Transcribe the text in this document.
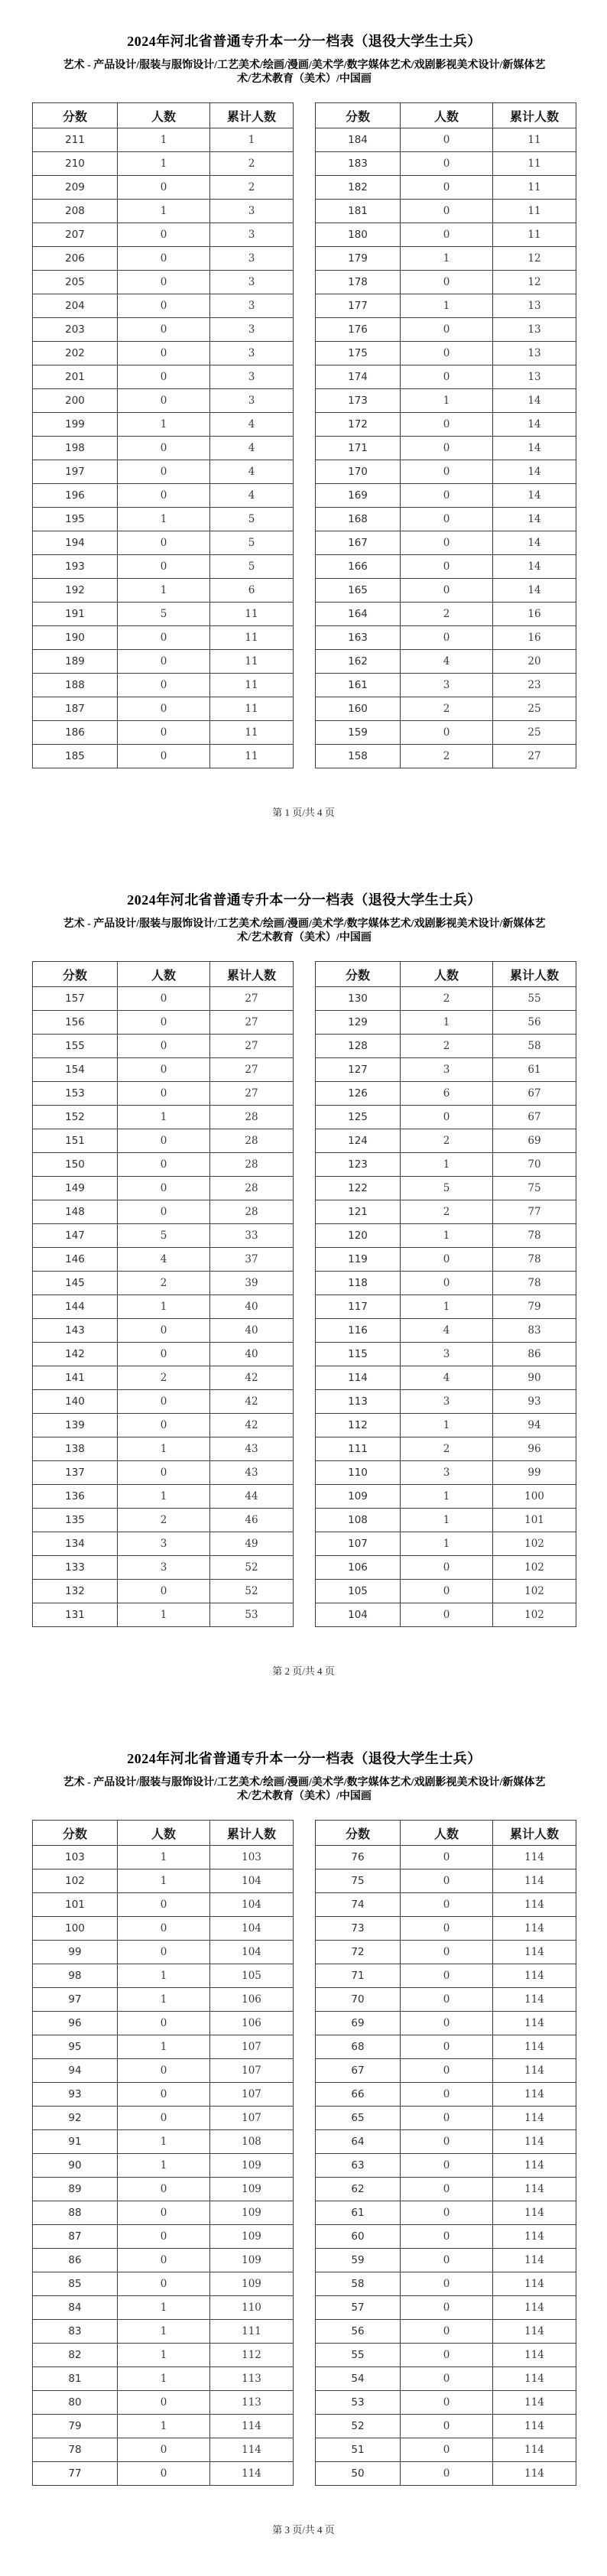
2024年河北省普通专升本一分一档表（退役大学生士兵）
艺术 - 产品设计/服装与服饰设计/工艺美术/绘画/漫画/美术学/数字媒体艺术/戏剧影视美术设计/新媒体艺术/艺术教育（美术）/中国画
分数	人数	累计人数
211	1	1
210	1	2
209	0	2
208	1	3
207	0	3
206	0	3
205	0	3
204	0	3
203	0	3
202	0	3
201	0	3
200	0	3
199	1	4
198	0	4
197	0	4
196	0	4
195	1	5
194	0	5
193	0	5
192	1	6
191	5	11
190	0	11
189	0	11
188	0	11
187	0	11
186	0	11
185	0	11
分数	人数	累计人数
184	0	11
183	0	11
182	0	11
181	0	11
180	0	11
179	1	12
178	0	12
177	1	13
176	0	13
175	0	13
174	0	13
173	1	14
172	0	14
171	0	14
170	0	14
169	0	14
168	0	14
167	0	14
166	0	14
165	0	14
164	2	16
163	0	16
162	4	20
161	3	23
160	2	25
159	0	25
158	2	27
第 1 页/共 4 页
2024年河北省普通专升本一分一档表（退役大学生士兵）
艺术 - 产品设计/服装与服饰设计/工艺美术/绘画/漫画/美术学/数字媒体艺术/戏剧影视美术设计/新媒体艺术/艺术教育（美术）/中国画
分数	人数	累计人数
157	0	27
156	0	27
155	0	27
154	0	27
153	0	27
152	1	28
151	0	28
150	0	28
149	0	28
148	0	28
147	5	33
146	4	37
145	2	39
144	1	40
143	0	40
142	0	40
141	2	42
140	0	42
139	0	42
138	1	43
137	0	43
136	1	44
135	2	46
134	3	49
133	3	52
132	0	52
131	1	53
分数	人数	累计人数
130	2	55
129	1	56
128	2	58
127	3	61
126	6	67
125	0	67
124	2	69
123	1	70
122	5	75
121	2	77
120	1	78
119	0	78
118	0	78
117	1	79
116	4	83
115	3	86
114	4	90
113	3	93
112	1	94
111	2	96
110	3	99
109	1	100
108	1	101
107	1	102
106	0	102
105	0	102
104	0	102
第 2 页/共 4 页
2024年河北省普通专升本一分一档表（退役大学生士兵）
艺术 - 产品设计/服装与服饰设计/工艺美术/绘画/漫画/美术学/数字媒体艺术/戏剧影视美术设计/新媒体艺术/艺术教育（美术）/中国画
分数	人数	累计人数
103	1	103
102	1	104
101	0	104
100	0	104
99	0	104
98	1	105
97	1	106
96	0	106
95	1	107
94	0	107
93	0	107
92	0	107
91	1	108
90	1	109
89	0	109
88	0	109
87	0	109
86	0	109
85	0	109
84	1	110
83	1	111
82	1	112
81	1	113
80	0	113
79	1	114
78	0	114
77	0	114
分数	人数	累计人数
76	0	114
75	0	114
74	0	114
73	0	114
72	0	114
71	0	114
70	0	114
69	0	114
68	0	114
67	0	114
66	0	114
65	0	114
64	0	114
63	0	114
62	0	114
61	0	114
60	0	114
59	0	114
58	0	114
57	0	114
56	0	114
55	0	114
54	0	114
53	0	114
52	0	114
51	0	114
50	0	114
第 3 页/共 4 页
